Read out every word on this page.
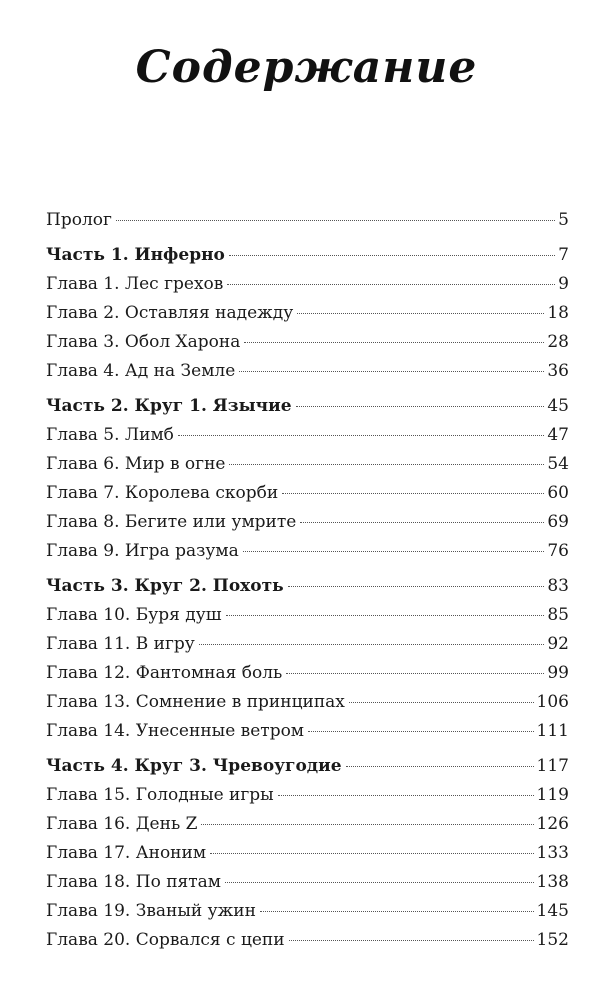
Содержание
Пролог	5
Часть 1. Инферно	7
Глава 1. Лес грехов	9
Глава 2. Оставляя надежду	18
Глава 3. Обол Харона	28
Глава 4. Ад на Земле	36
Часть 2. Круг 1. Язычие	45
Глава 5. Лимб	47
Глава 6. Мир в огне	54
Глава 7. Королева скорби	60
Глава 8. Бегите или умрите	69
Глава 9. Игра разума	76
Часть 3. Круг 2. Похоть	83
Глава 10. Буря душ	85
Глава 11. В игру	92
Глава 12. Фантомная боль	99
Глава 13. Сомнение в принципах	106
Глава 14. Унесенные ветром	111
Часть 4. Круг 3. Чревоугодие	117
Глава 15. Голодные игры	119
Глава 16. День Z	126
Глава 17. Аноним	133
Глава 18. По пятам	138
Глава 19. Званый ужин	145
Глава 20. Сорвался с цепи	152
